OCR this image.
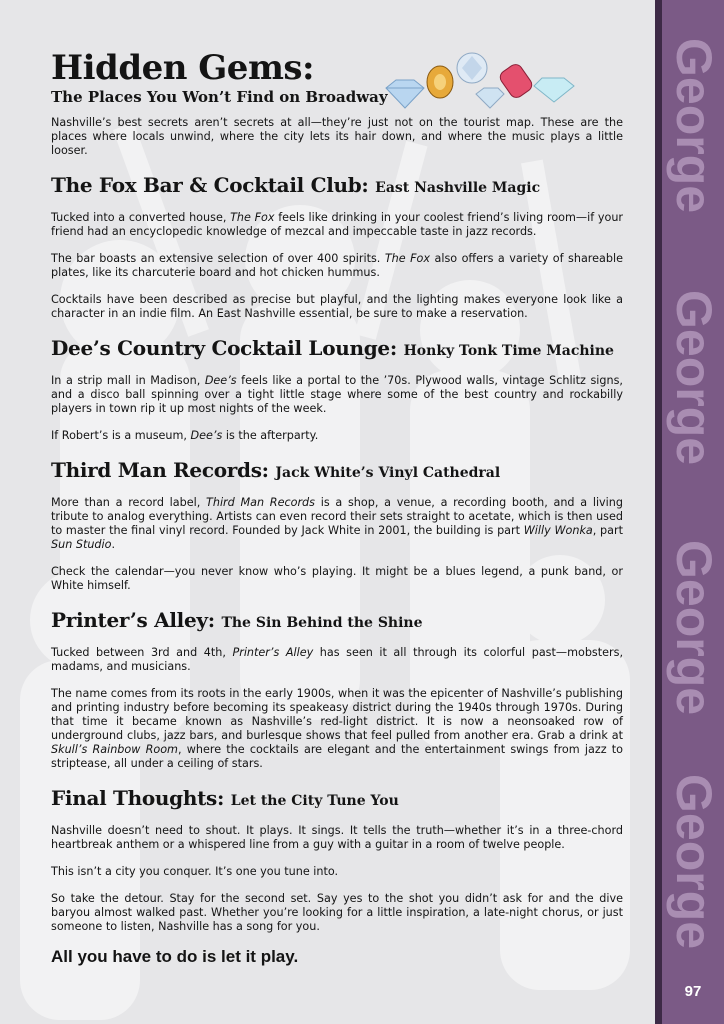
Hidden Gems:
The Places You Won’t Find on Broadway

Nashville’s best secrets aren’t secrets at all—they’re just not on the tourist map. These are the places where locals unwind, where the city lets its hair down, and where the music plays a little looser.

The Fox Bar & Cocktail Club: East Nashville Magic

Tucked into a converted house, The Fox feels like drinking in your coolest friend’s living room—if your friend had an encyclopedic knowledge of mezcal and impeccable taste in jazz records.

The bar boasts an extensive selection of over 400 spirits. The Fox also offers a variety of shareable plates, like its charcuterie board and hot chicken hummus.

Cocktails have been described as precise but playful, and the lighting makes everyone look like a character in an indie film. An East Nashville essential, be sure to make a reservation.

Dee’s Country Cocktail Lounge: Honky Tonk Time Machine

In a strip mall in Madison, Dee’s feels like a portal to the ’70s. Plywood walls, vintage Schlitz signs, and a disco ball spinning over a tight little stage where some of the best country and rockabilly players in town rip it up most nights of the week.

If Robert’s is a museum, Dee’s is the afterparty.

Third Man Records: Jack White’s Vinyl Cathedral

More than a record label, Third Man Records is a shop, a venue, a recording booth, and a living tribute to analog everything. Artists can even record their sets straight to acetate, which is then used to master the final vinyl record. Founded by Jack White in 2001, the building is part Willy Wonka, part Sun Studio.

Check the calendar—you never know who’s playing. It might be a blues legend, a punk band, or White himself.

Printer’s Alley: The Sin Behind the Shine

Tucked between 3rd and 4th, Printer’s Alley has seen it all through its colorful past—mobsters, madams, and musicians.

The name comes from its roots in the early 1900s, when it was the epicenter of Nashville’s publishing and printing industry before becoming its speakeasy district during the 1940s through 1970s. During that time it became known as Nashville’s red-light district. It is now a neonsoaked row of underground clubs, jazz bars, and burlesque shows that feel pulled from another era. Grab a drink at Skull’s Rainbow Room, where the cocktails are elegant and the entertainment swings from jazz to striptease, all under a ceiling of stars.

Final Thoughts: Let the City Tune You

Nashville doesn’t need to shout. It plays. It sings. It tells the truth—whether it’s in a three-chord heartbreak anthem or a whispered line from a guy with a guitar in a room of twelve people.

This isn’t a city you conquer. It’s one you tune into.

So take the detour. Stay for the second set. Say yes to the shot you didn’t ask for and the dive baryou almost walked past. Whether you’re looking for a little inspiration, a late-night chorus, or just someone to listen, Nashville has a song for you.

All you have to do is let it play.
George
George
George
George
97
